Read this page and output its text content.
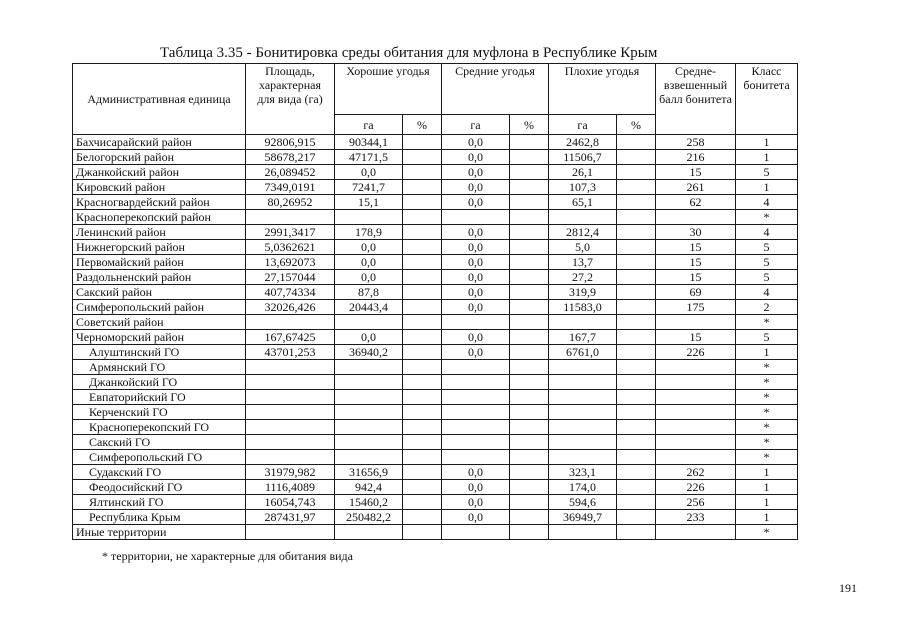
Таблица 3.35 - Бонитировка среды обитания для муфлона в Республике Крым
Административная единица	Площадь, характерная для вида (га)	Хорошие угодья		Средние угодья		Плохие угодья		Средне-взвешенный балл бонитета	Класс бонитета
		га	%	га	%	га	%		
Бахчисарайский район	92806,915	90344,1		0,0		2462,8		258	1
Белогорский район	58678,217	47171,5		0,0		11506,7		216	1
Джанкойский район	26,089452	0,0		0,0		26,1		15	5
Кировский район	7349,0191	7241,7		0,0		107,3		261	1
Красногвардейский район	80,26952	15,1		0,0		65,1		62	4
Красноперекопский район									*
Ленинский район	2991,3417	178,9		0,0		2812,4		30	4
Нижнегорский район	5,0362621	0,0		0,0		5,0		15	5
Первомайский район	13,692073	0,0		0,0		13,7		15	5
Раздольненский район	27,157044	0,0		0,0		27,2		15	5
Сакский район	407,74334	87,8		0,0		319,9		69	4
Симферопольский район	32026,426	20443,4		0,0		11583,0		175	2
Советский район									*
Черноморский район	167,67425	0,0		0,0		167,7		15	5
Алуштинский ГО	43701,253	36940,2		0,0		6761,0		226	1
Армянский ГО									*
Джанкойский ГО									*
Евпаторийский ГО									*
Керченский ГО									*
Красноперекопский ГО									*
Сакский ГО									*
Симферопольский ГО									*
Судакский ГО	31979,982	31656,9		0,0		323,1		262	1
Феодосийский ГО	1116,4089	942,4		0,0		174,0		226	1
Ялтинский ГО	16054,743	15460,2		0,0		594,6		256	1
Республика Крым	287431,97	250482,2		0,0		36949,7		233	1
Иные территории									*
* территории, не характерные для обитания вида
191
